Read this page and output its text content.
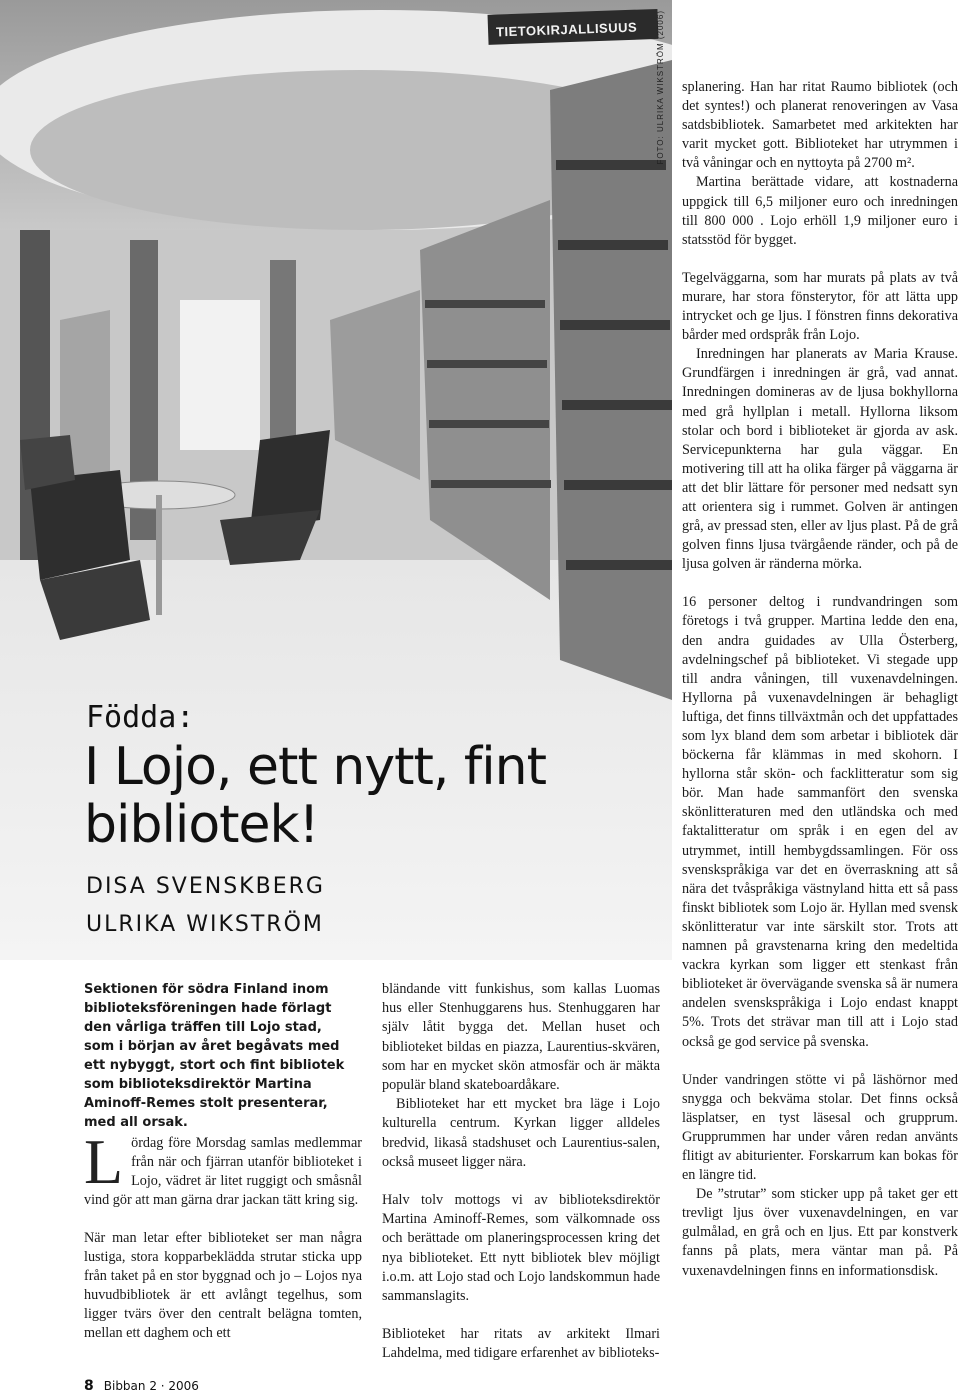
TIETOKIRJALLISUUS FOTO: ULRIKA WIKSTRÖM (2006)
Födda:
I Lojo, ett nytt, fint bibliotek!
DISA SVENSKBERG
ULRIKA WIKSTRÖM
Sektionen för södra Finland inom biblioteksföreningen hade förlagt den vårliga träffen till Lojo stad, som i början av året begåvats med ett nybyggt, stort och fint bibliotek som biblioteksdirektör Martina Aminoff-Remes stolt presenterar, med all orsak.
Lördag före Morsdag samlas medlemmar från när och fjärran utanför biblioteket i Lojo, vädret är litet ruggigt och småsnål vind gör att man gärna drar jackan tätt kring sig.

När man letar efter biblioteket ser man några lustiga, stora kopparbeklädda strutar sticka upp från taket på en stor byggnad och jo – Lojos nya huvudbibliotek är ett avlångt tegelhus, som ligger tvärs över den centralt belägna tomten, mellan ett daghem och ett

bländande vitt funkishus, som kallas Luomas hus eller Stenhuggarens hus. Stenhuggaren har själv låtit bygga det. Mellan huset och biblioteket bildas en piazza, Laurentius-skvären, som har en mycket skön atmosfär och är mäkta populär bland skateboardåkare.

Biblioteket har ett mycket bra läge i Lojo kulturella centrum. Kyrkan ligger alldeles bredvid, likaså stadshuset och Laurentius-salen, också museet ligger nära.

Halv tolv mottogs vi av biblioteksdirektör Martina Aminoff-Remes, som välkomnade oss och berättade om planeringsprocessen kring det nya biblioteket. Ett nytt bibliotek blev möjligt i.o.m. att Lojo stad och Lojo landskommun hade sammanslagits.

Biblioteket har ritats av arkitekt Ilmari Lahdelma, med tidigare erfarenhet av biblioteks-

splanering. Han har ritat Raumo bibliotek (och det syntes!) och planerat renoveringen av Vasa satdsbibliotek. Samarbetet med arkitekten har varit mycket gott. Biblioteket har utrymmen i två våningar och en nyttoyta på 2700 m².

Martina berättade vidare, att kostnaderna uppgick till 6,5 miljoner euro och inredningen till 800 000 . Lojo erhöll 1,9 miljoner euro i statsstöd för bygget.

Tegelväggarna, som har murats på plats av två murare, har stora fönsterytor, för att lätta upp intrycket och ge ljus. I fönstren finns dekorativa bårder med ordspråk från Lojo.

Inredningen har planerats av Maria Krause. Grundfärgen i inredningen är grå, vad annat. Inredningen domineras av de ljusa bokhyllorna med grå hyllplan i metall. Hyllorna liksom stolar och bord i biblioteket är gjorda av ask. Servicepunkterna har gula väggar. En motivering till att ha olika färger på väggarna är att det blir lättare för personer med nedsatt syn att orientera sig i rummet. Golven är antingen grå, av pressad sten, eller av ljus plast. På de grå golven finns ljusa tvärgående ränder, och på de ljusa golven är ränderna mörka.

16 personer deltog i rundvandringen som företogs i två grupper. Martina ledde den ena, den andra guidades av Ulla Österberg, avdelningschef på biblioteket. Vi stegade upp till andra våningen, till vuxenavdelningen. Hyllorna på vuxenavdelningen är behagligt luftiga, det finns tillväxtmån och det uppfattades som lyx bland dem som arbetar i bibliotek där böckerna får klämmas in med skohorn. I hyllorna står skön- och facklitteratur som sig bör. Man hade sammanfört den svenska skönlitteraturen med den utländska och med faktalitteratur om språk i en egen del av utrymmet, intill hembygdssamlingen. För oss svenskspråkiga var det en överraskning att så nära det tvåspråkiga västnyland hitta ett så pass finskt bibliotek som Lojo är. Hyllan med svensk skönlitteratur var inte särskilt stor. Trots att namnen på gravstenarna kring den medeltida vackra kyrkan som ligger ett stenkast från biblioteket är övervägande svenska så är numera andelen svenskspråkiga i Lojo endast knappt 5%. Trots det strävar man till att i Lojo stad också ge god service på svenska.

Under vandringen stötte vi på läshörnor med snygga och bekväma stolar. Det finns också läsplatser, en tyst läsesal och grupprum. Grupprummen har under våren redan använts flitigt av abiturienter. Forskarrum kan bokas för en längre tid.

De ”strutar” som sticker upp på taket ger ett trevligt ljus över vuxenavdelningen, en var gulmålad, en grå och en ljus. Ett par konstverk fanns på plats, mera väntar man på. På vuxenavdelningen finns en informationsdisk.

8 Bibban 2 · 2006
